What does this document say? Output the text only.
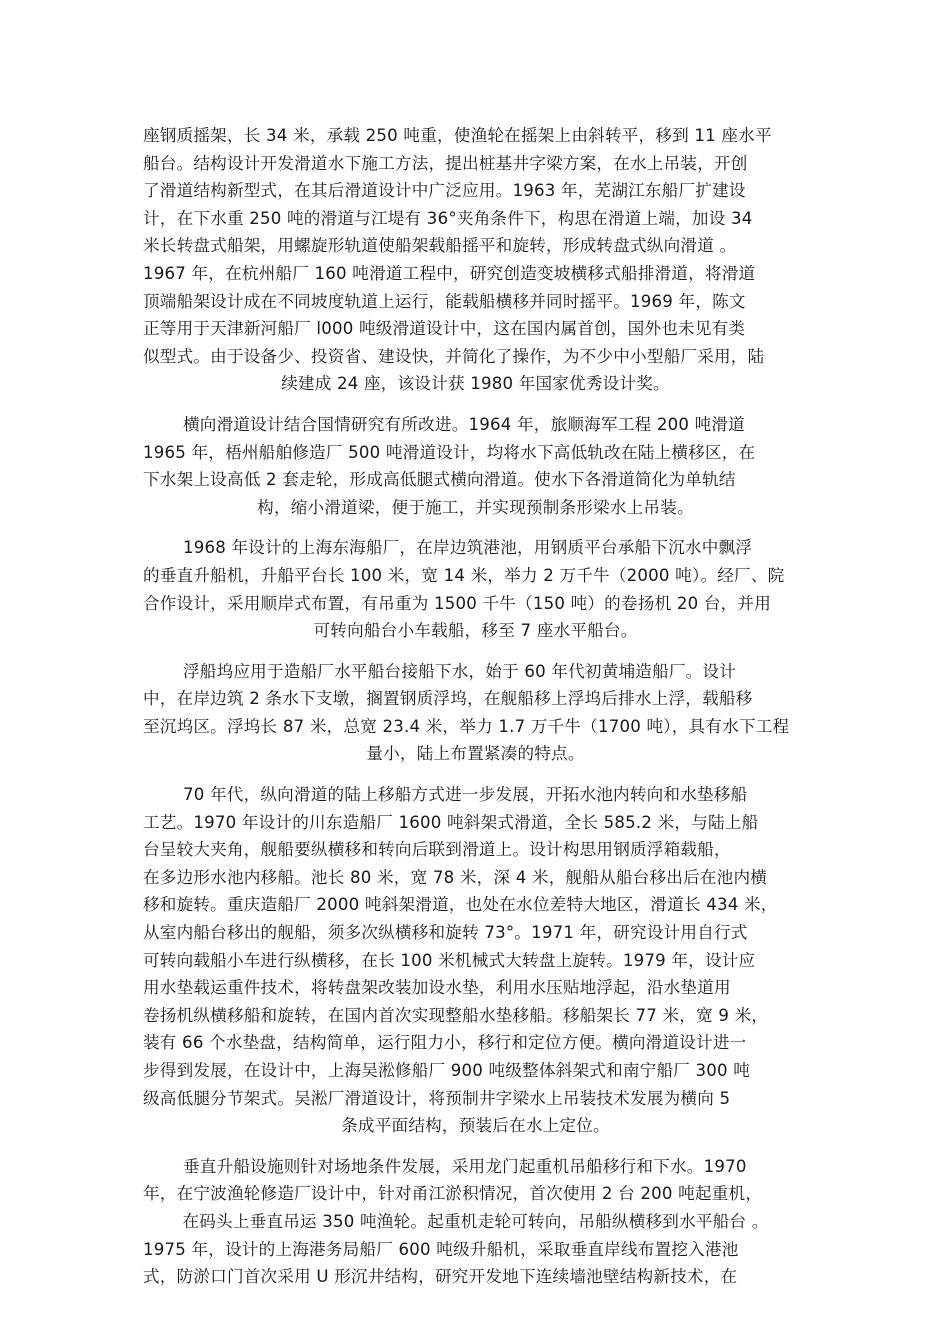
座钢质摇架，长 34 米，承载 250 吨重，使渔轮在摇架上由斜转平，移到 11 座水平
船台。结构设计开发滑道水下施工方法，提出桩基井字梁方案，在水上吊装，开创
了滑道结构新型式，在其后滑道设计中广泛应用。1963 年，芜湖江东船厂扩建设
计，在下水重 250 吨的滑道与江堤有 36°夹角条件下，构思在滑道上端，加设 34
米长转盘式船架，用螺旋形轨道使船架载船摇平和旋转，形成转盘式纵向滑道 。
1967 年，在杭州船厂 160 吨滑道工程中，研究创造变坡横移式船排滑道，将滑道
顶端船架设计成在不同坡度轨道上运行，能载船横移并同时摇平。1969 年，陈文
正等用于天津新河船厂 l000 吨级滑道设计中，这在国内属首创，国外也未见有类
似型式。由于设备少、投资省、建设快，并简化了操作，为不少中小型船厂采用，陆
续建成 24 座，该设计获 1980 年国家优秀设计奖。
横向滑道设计结合国情研究有所改进。1964 年，旅顺海军工程 200 吨滑道
1965 年，梧州船舶修造厂 500 吨滑道设计，均将水下高低轨改在陆上横移区，在
下水架上设高低 2 套走轮，形成高低腿式横向滑道。使水下各滑道简化为单轨结
构，缩小滑道梁，便于施工，并实现预制条形梁水上吊装。
1968 年设计的上海东海船厂，在岸边筑港池，用钢质平台承船下沉水中飘浮
的垂直升船机，升船平台长 100 米，宽 14 米，举力 2 万千牛（2000 吨）。经厂、院
合作设计，采用顺岸式布置，有吊重为 1500 千牛（150 吨）的卷扬机 20 台，并用
可转向船台小车载船，移至 7 座水平船台。
浮船坞应用于造船厂水平船台接船下水，始于 60 年代初黄埔造船厂。设计
中，在岸边筑 2 条水下支墩，搁置钢质浮坞，在舰船移上浮坞后排水上浮，载船移
至沉坞区。浮坞长 87 米，总宽 23.4 米，举力 1.7 万千牛（1700 吨），具有水下工程
量小，陆上布置紧凑的特点。
70 年代，纵向滑道的陆上移船方式进一步发展，开拓水池内转向和水垫移船
工艺。1970 年设计的川东造船厂 1600 吨斜架式滑道，全长 585.2 米，与陆上船
台呈较大夹角，舰船要纵横移和转向后联到滑道上。设计构思用钢质浮箱载船，
在多边形水池内移船。池长 80 米，宽 78 米，深 4 米，舰船从船台移出后在池内横
移和旋转。重庆造船厂 2000 吨斜架滑道，也处在水位差特大地区，滑道长 434 米，
从室内船台移出的舰船，须多次纵横移和旋转 73°。1971 年，研究设计用自行式
可转向载船小车进行纵横移，在长 100 米机械式大转盘上旋转。1979 年，设计应
用水垫载运重件技术，将转盘架改装加设水垫，利用水压贴地浮起，沿水垫道用
卷扬机纵横移船和旋转，在国内首次实现整船水垫移船。移船架长 77 米，宽 9 米，
装有 66 个水垫盘，结构简单，运行阻力小，移行和定位方便。横向滑道设计进一
步得到发展，在设计中，上海吴淞修船厂 900 吨级整体斜架式和南宁船厂 300 吨
级高低腿分节架式。吴淞厂滑道设计，将预制井字梁水上吊装技术发展为横向 5
条成平面结构，预装后在水上定位。
垂直升船设施则针对场地条件发展，采用龙门起重机吊船移行和下水。1970
年，在宁波渔轮修造厂设计中，针对甬江淤积情况，首次使用 2 台 200 吨起重机，
在码头上垂直吊运 350 吨渔轮。起重机走轮可转向，吊船纵横移到水平船台 。
1975 年，设计的上海港务局船厂 600 吨级升船机，采取垂直岸线布置挖入港池
式，防淤口门首次采用 U 形沉井结构，研究开发地下连续墙池壁结构新技术，在
